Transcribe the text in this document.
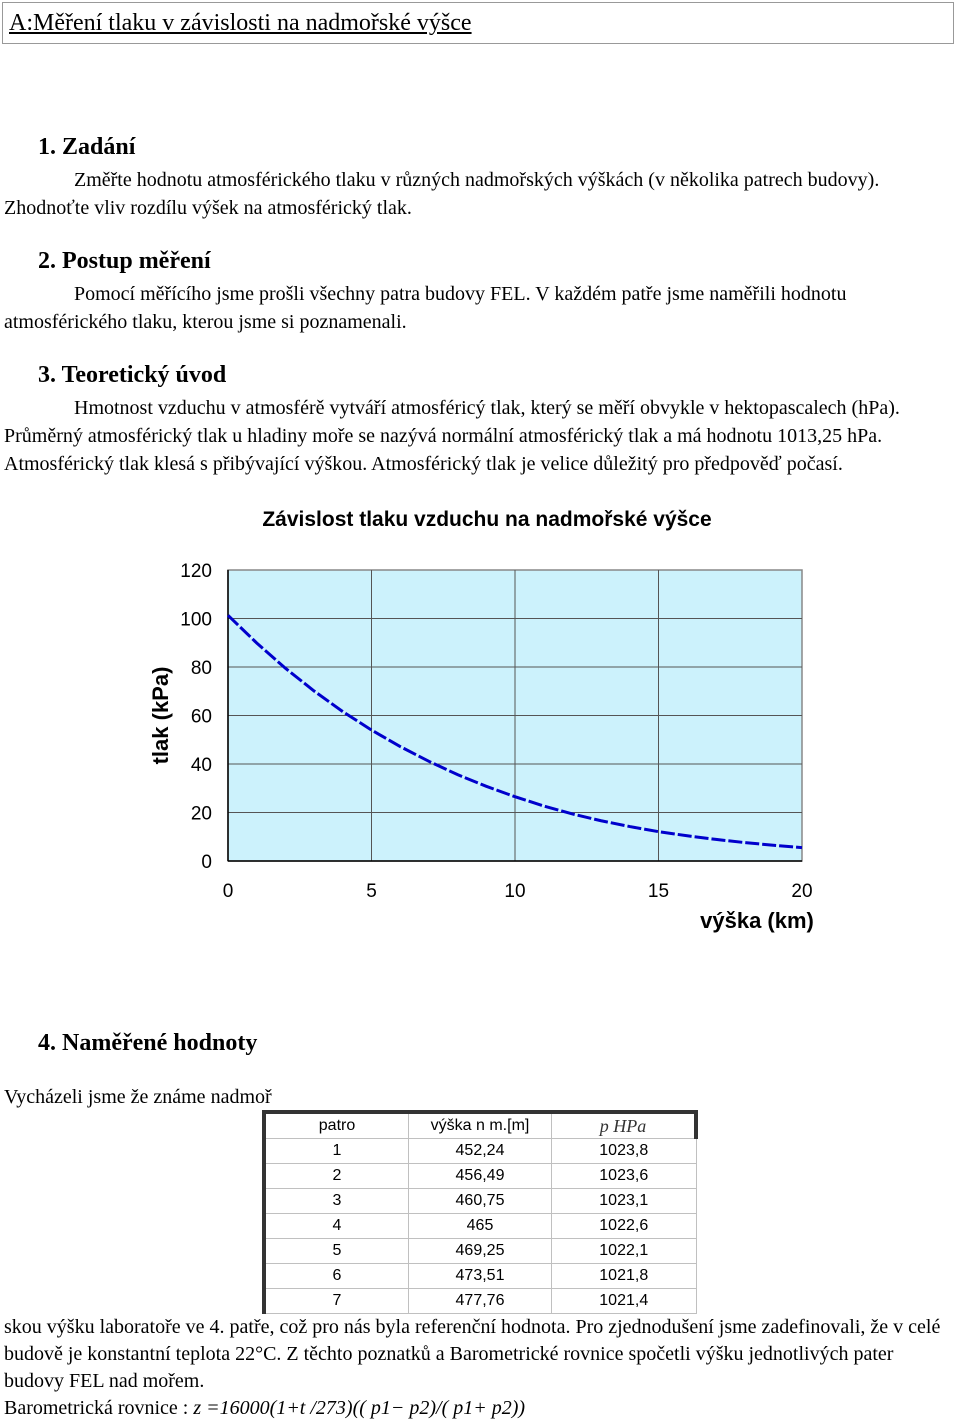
A:Měření tlaku v závislosti na nadmořské výšce
1. Zadání
Změřte hodnotu atmosférického tlaku v různých nadmořských výškách (v několika patrech budovy). Zhodnoťte vliv rozdílu výšek na atmosférický tlak.
2. Postup měření
Pomocí měřícího jsme prošli všechny patra budovy FEL. V každém patře jsme naměřili hodnotu atmosférického tlaku, kterou jsme si poznamenali.
3. Teoretický úvod
Hmotnost vzduchu v atmosférě vytváří atmosféricý tlak, který se měří obvykle v hektopascalech (hPa). Průměrný atmosférický tlak u hladiny moře se nazývá normální atmosférický tlak a má hodnotu 1013,25 hPa. Atmosférický tlak klesá s přibývající výškou. Atmosférický tlak je velice důležitý pro předpověď počasí.
Závislost tlaku vzduchu na nadmořské výšce
tlak (kPa)
výška (km)
0
20
40
60
80
100
120
0	5	10	15	20
4. Naměřené hodnoty
Vycházeli jsme že známe nadmoř
patro	výška n m.[m]	p HPa
1	452,24	1023,8
2	456,49	1023,6
3	460,75	1023,1
4	465	1022,6
5	469,25	1022,1
6	473,51	1021,8
7	477,76	1021,4
skou výšku laboratoře ve 4. patře, což pro nás byla referenční hodnota. Pro zjednodušení jsme zadefinovali, že v celé budově je konstantní teplota 22°C. Z těchto poznatků a Barometrické rovnice spočetli výšku jednotlivých pater budovy FEL nad mořem.
Barometrická rovnice : z =16000(1+t /273)(( p1− p2)/( p1+ p2))
